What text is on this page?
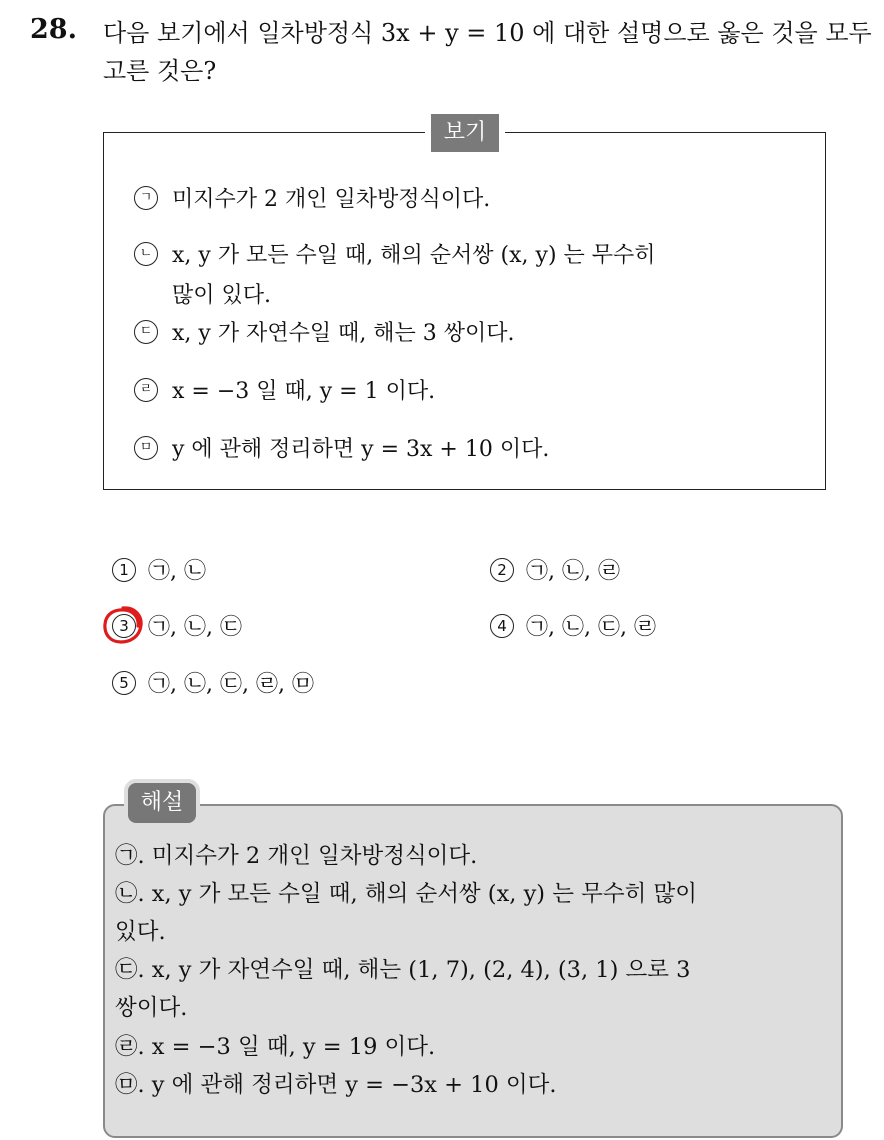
28. 다음 보기에서 일차방정식 3x + y = 10 에 대한 설명으로 옳은 것을 모두 고른 것은?
보기
ㄱ 미지수가 2 개인 일차방정식이다.
ㄴ x, y 가 모든 수일 때, 해의 순서쌍 (x, y) 는 무수히
많이 있다.
ㄷ x, y 가 자연수일 때, 해는 3 쌍이다.
ㄹ x = −3 일 때, y = 1 이다.
ㅁ y 에 관해 정리하면 y = 3x + 10 이다.
1 ㉠, ㉡	2 ㉠, ㉡, ㉣
3 ㉠, ㉡, ㉢	4 ㉠, ㉡, ㉢, ㉣
5 ㉠, ㉡, ㉢, ㉣, ㉤
해설
㉠. 미지수가 2 개인 일차방정식이다.
㉡. x, y 가 모든 수일 때, 해의 순서쌍 (x, y) 는 무수히 많이
있다.
㉢. x, y 가 자연수일 때, 해는 (1, 7), (2, 4), (3, 1) 으로 3
쌍이다.
㉣. x = −3 일 때, y = 19 이다.
㉤. y 에 관해 정리하면 y = −3x + 10 이다.
